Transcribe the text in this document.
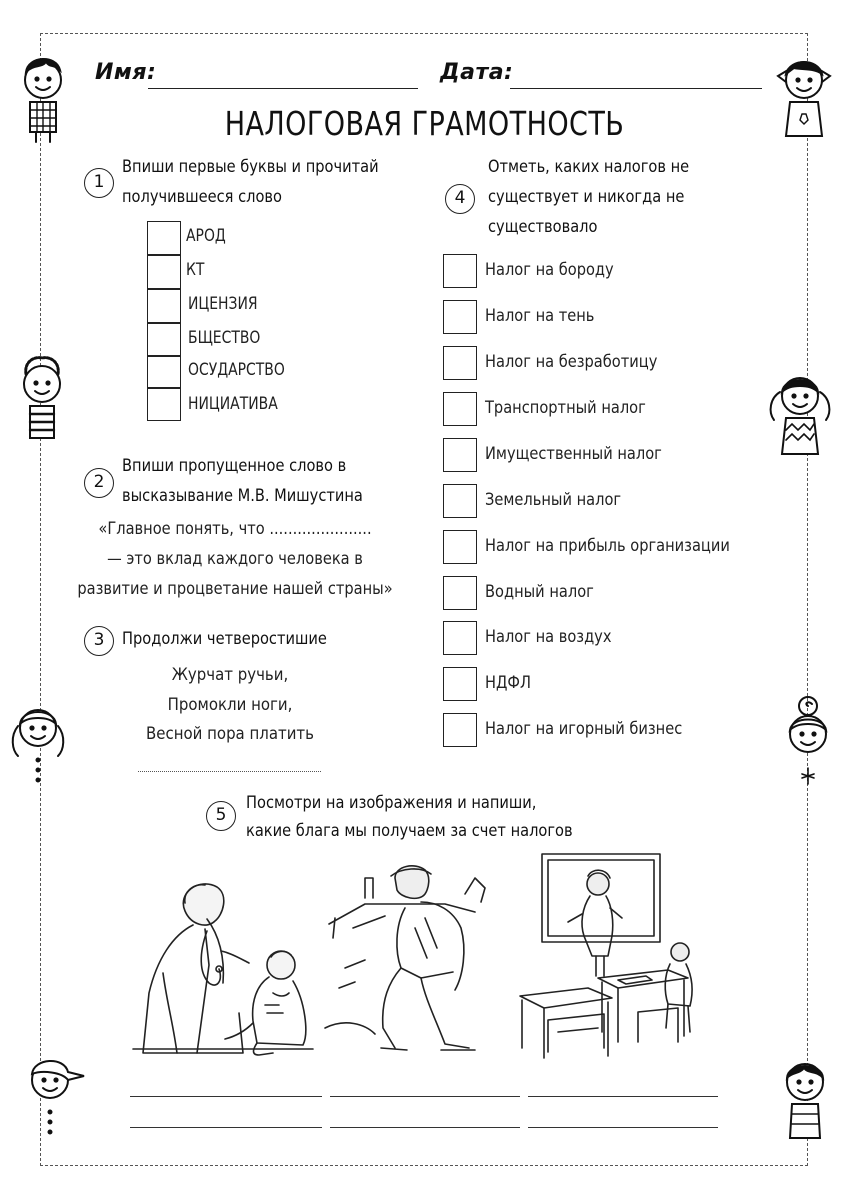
Имя:	Дата:
НАЛОГОВАЯ ГРАМОТНОСТЬ
1
Впиши первые буквы и прочитай
получившееся слово
АРОД
КТ
ИЦЕНЗИЯ
БЩЕСТВО
ОСУДАРСТВО
НИЦИАТИВА
2
Впиши пропущенное слово в
высказывание М.В. Мишустина
«Главное понять, что ......................
— это вклад каждого человека в
развитие и процветание нашей страны»
3	Продолжи четверостишие
Журчат ручьи,
Промокли ноги,
Весной пора платить
4
Отметь, каких налогов не
существует и никогда не
существовало
Налог на бороду
Налог на тень
Налог на безработицу
Транспортный налог
Имущественный налог
Земельный налог
Налог на прибыль организации
Водный налог
Налог на воздух
НДФЛ
Налог на игорный бизнес
5
Посмотри на изображения и напиши,
какие блага мы получаем за счет налогов
